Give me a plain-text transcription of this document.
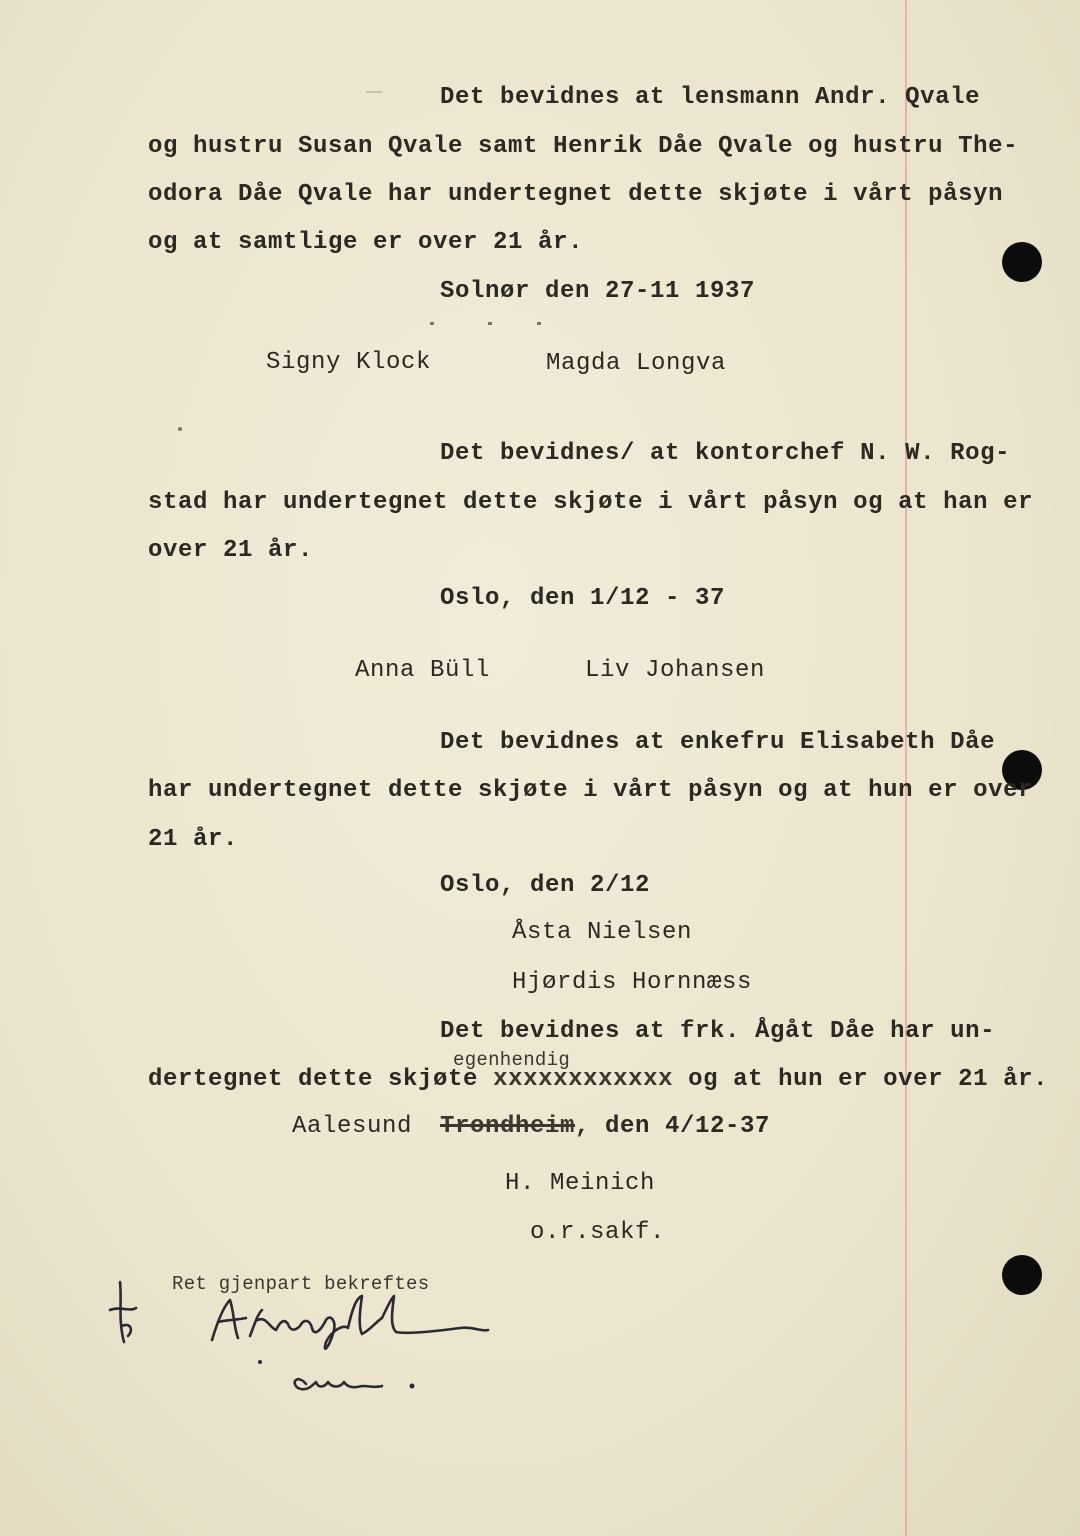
Det bevidnes at lensmann Andr. Qvale
og hustru Susan Qvale samt Henrik Dåe Qvale og hustru The-
odora Dåe Qvale har undertegnet dette skjøte i vårt påsyn
og at samtlige er over 21 år.
Solnør den 27-11 1937
Signy Klock	Magda Longva
Det bevidnes/ at kontorchef N. W. Rog-
stad har undertegnet dette skjøte i vårt påsyn og at han er
over 21 år.
Oslo, den 1/12 - 37
Anna Büll	Liv Johansen
Det bevidnes at enkefru Elisabeth Dåe
har undertegnet dette skjøte i vårt påsyn og at hun er over
21 år.
Oslo, den 2/12
Åsta Nielsen
Hjørdis Hornnæss
Det bevidnes at frk. Ågåt Dåe har un-
egenhendig
dertegnet dette skjøte xxxxxxxxxxxx og at hun er over 21 år.
Aalesund Trondheim, den 4/12-37
H. Meinich
o.r.sakf.
Ret gjenpart bekreftes
